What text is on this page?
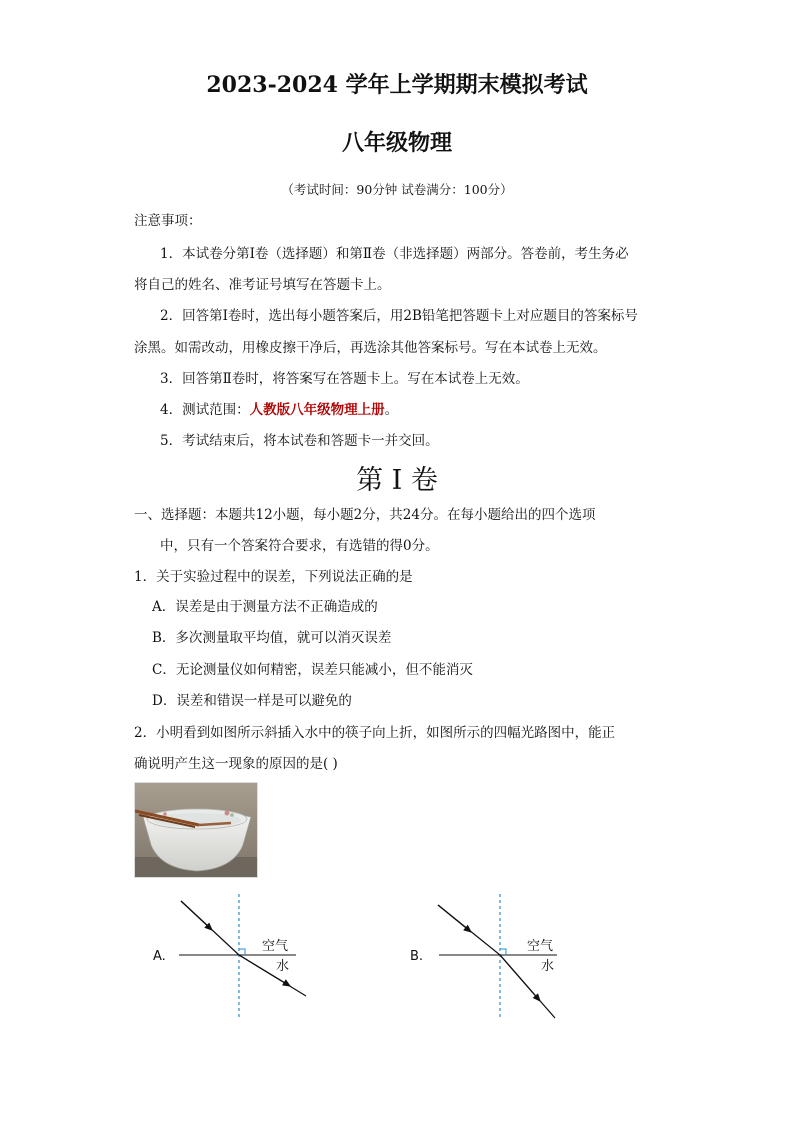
2023-2024 学年上学期期末模拟考试
八年级物理
（考试时间：90分钟 试卷满分：100分）
注意事项：
1．本试卷分第Ⅰ卷（选择题）和第Ⅱ卷（非选择题）两部分。答卷前，考生务必
将自己的姓名、准考证号填写在答题卡上。
2．回答第Ⅰ卷时，选出每小题答案后，用2B铅笔把答题卡上对应题目的答案标号
涂黑。如需改动，用橡皮擦干净后，再选涂其他答案标号。写在本试卷上无效。
3．回答第Ⅱ卷时，将答案写在答题卡上。写在本试卷上无效。
4．测试范围：人教版八年级物理上册。
5．考试结束后，将本试卷和答题卡一并交回。
第 I 卷
一、选择题：本题共12小题，每小题2分，共24分。在每小题给出的四个选项
中，只有一个答案符合要求，有选错的得0分。
1．关于实验过程中的误差，下列说法正确的是
A．误差是由于测量方法不正确造成的
B．多次测量取平均值，就可以消灭误差
C．无论测量仪如何精密，误差只能减小，但不能消灭
D．误差和错误一样是可以避免的
2．小明看到如图所示斜插入水中的筷子向上折，如图所示的四幅光路图中，能正
确说明产生这一现象的原因的是( )
A.
空气
水
B.
空气
水
